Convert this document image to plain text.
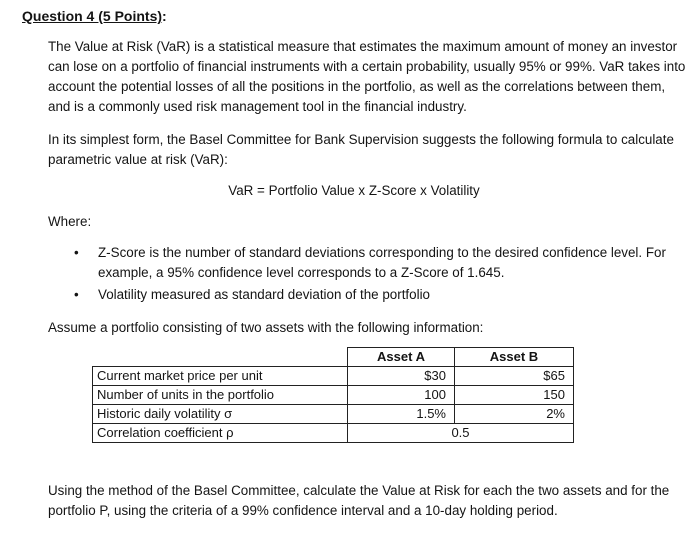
Question 4 (5 Points):

The Value at Risk (VaR) is a statistical measure that estimates the maximum amount of money an investor can lose on a portfolio of financial instruments with a certain probability, usually 95% or 99%. VaR takes into account the potential losses of all the positions in the portfolio, as well as the correlations between them, and is a commonly used risk management tool in the financial industry.

In its simplest form, the Basel Committee for Bank Supervision suggests the following formula to calculate parametric value at risk (VaR):

VaR = Portfolio Value x Z-Score x Volatility
Where:
• Z-Score is the number of standard deviations corresponding to the desired confidence level. For example, a 95% confidence level corresponds to a Z-Score of 1.645.
• Volatility measured as standard deviation of the portfolio
Assume a portfolio consisting of two assets with the following information:
	Asset A	Asset B
Current market price per unit	$30	$65
Number of units in the portfolio	100	150
Historic daily volatility σ	1.5%	2%
Correlation coefficient ρ	0.5	

Using the method of the Basel Committee, calculate the Value at Risk for each the two assets and for the portfolio P, using the criteria of a 99% confidence interval and a 10-day holding period.
